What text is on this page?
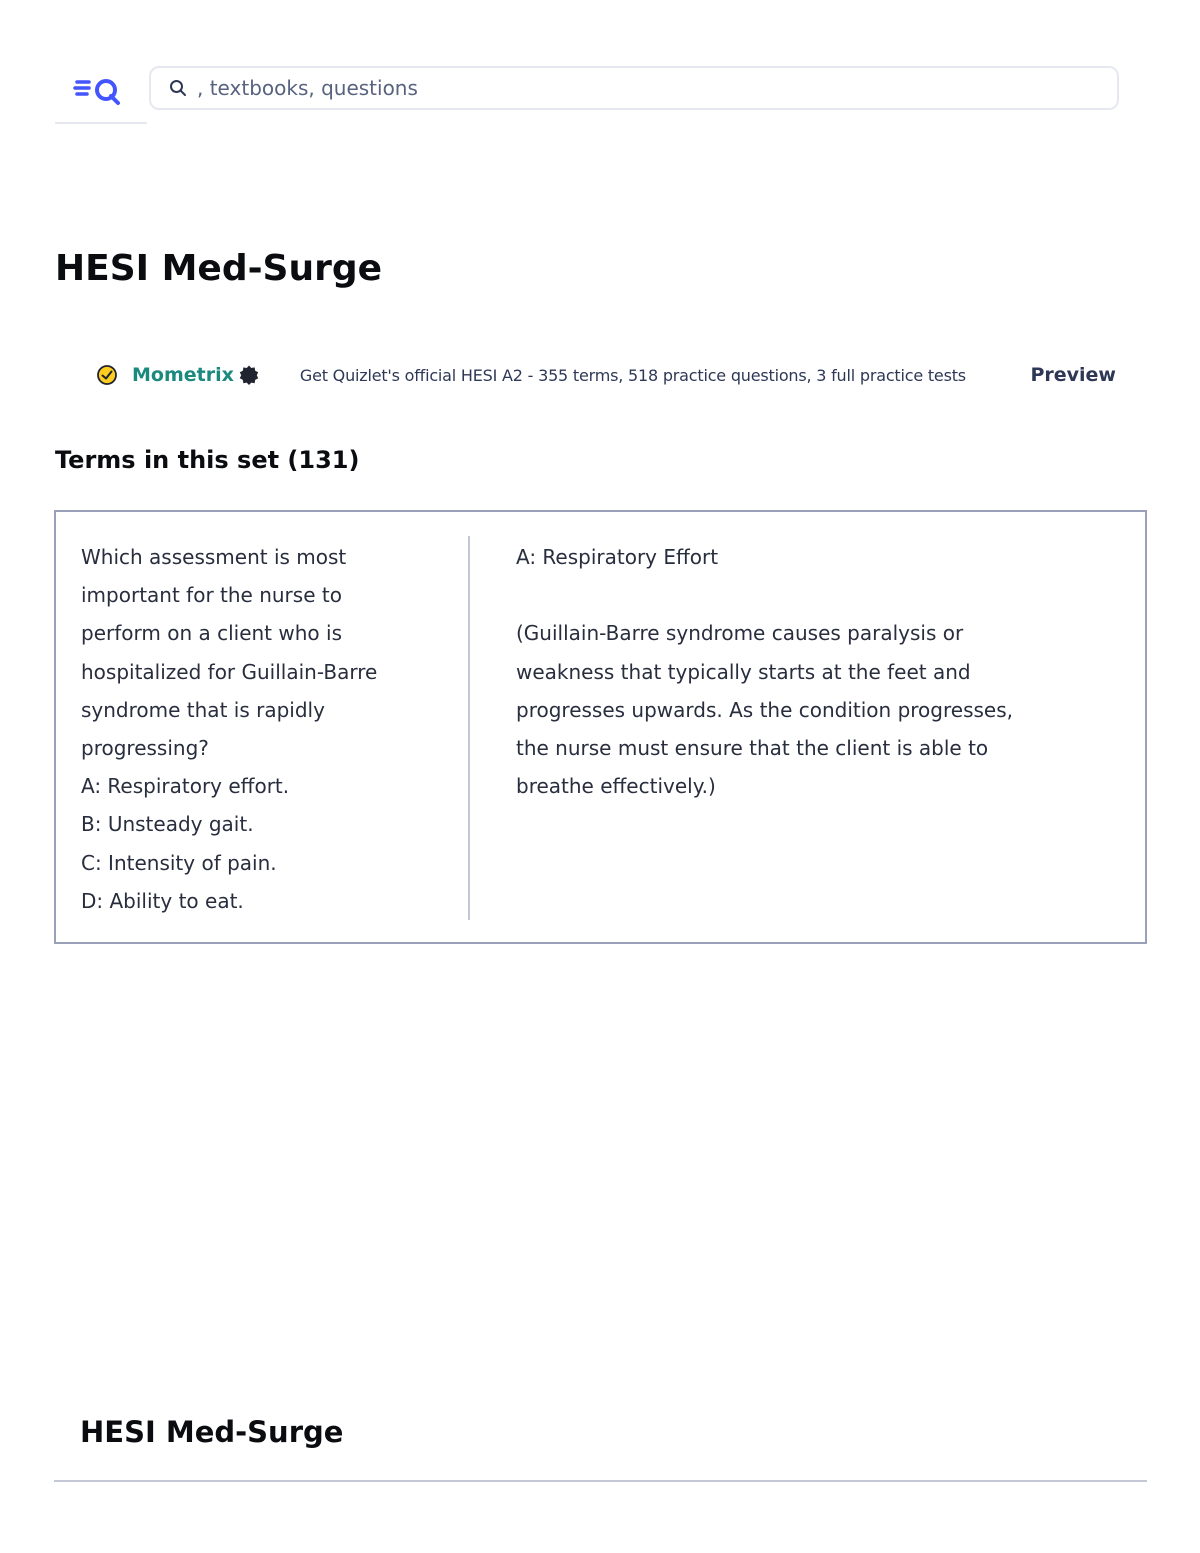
, textbooks, questions
HESI Med-Surge
Mometrix	Get Quizlet's official HESI A2 - 355 terms, 518 practice questions, 3 full practice tests	Preview
Terms in this set (131)

Which assessment is most
important for the nurse to
perform on a client who is
hospitalized for Guillain-Barre
syndrome that is rapidly
progressing?
A: Respiratory effort.
B: Unsteady gait.
C: Intensity of pain.
D: Ability to eat.

A: Respiratory Effort

(Guillain-Barre syndrome causes paralysis or
weakness that typically starts at the feet and
progresses upwards. As the condition progresses,
the nurse must ensure that the client is able to
breathe effectively.)

HESI Med-Surge
